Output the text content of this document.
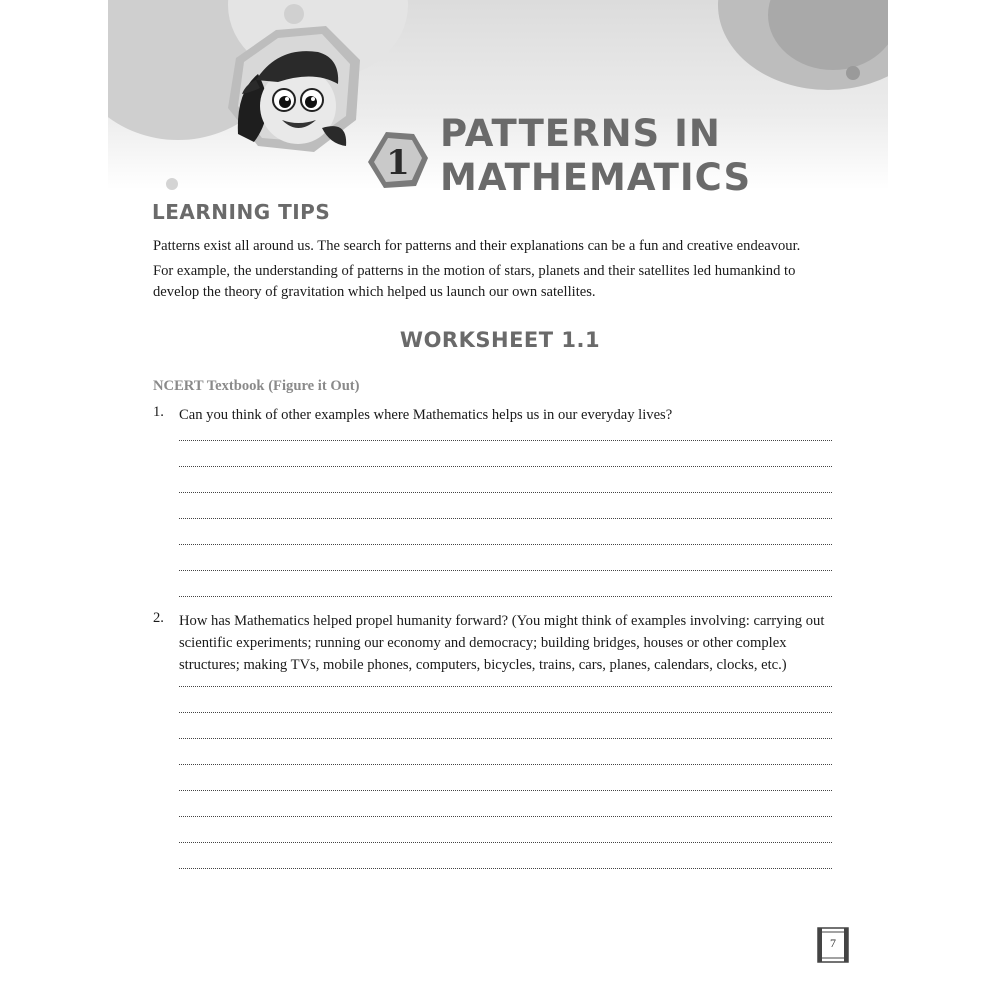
1
PATTERNS IN
MATHEMATICS
LEARNING TIPS

Patterns exist all around us. The search for patterns and their explanations can be a fun and creative endeavour.

For example, the understanding of patterns in the motion of stars, planets and their satellites led humankind to develop the theory of gravitation which helped us launch our own satellites.

WORKSHEET 1.1

NCERT Textbook (Figure it Out)

1. Can you think of other examples where Mathematics helps us in our everyday lives?

2. How has Mathematics helped propel humanity forward? (You might think of examples involving: carrying out scientific experiments; running our economy and democracy; building bridges, houses or other complex structures; making TVs, mobile phones, computers, bicycles, trains, cars, planes, calendars, clocks, etc.)

7
